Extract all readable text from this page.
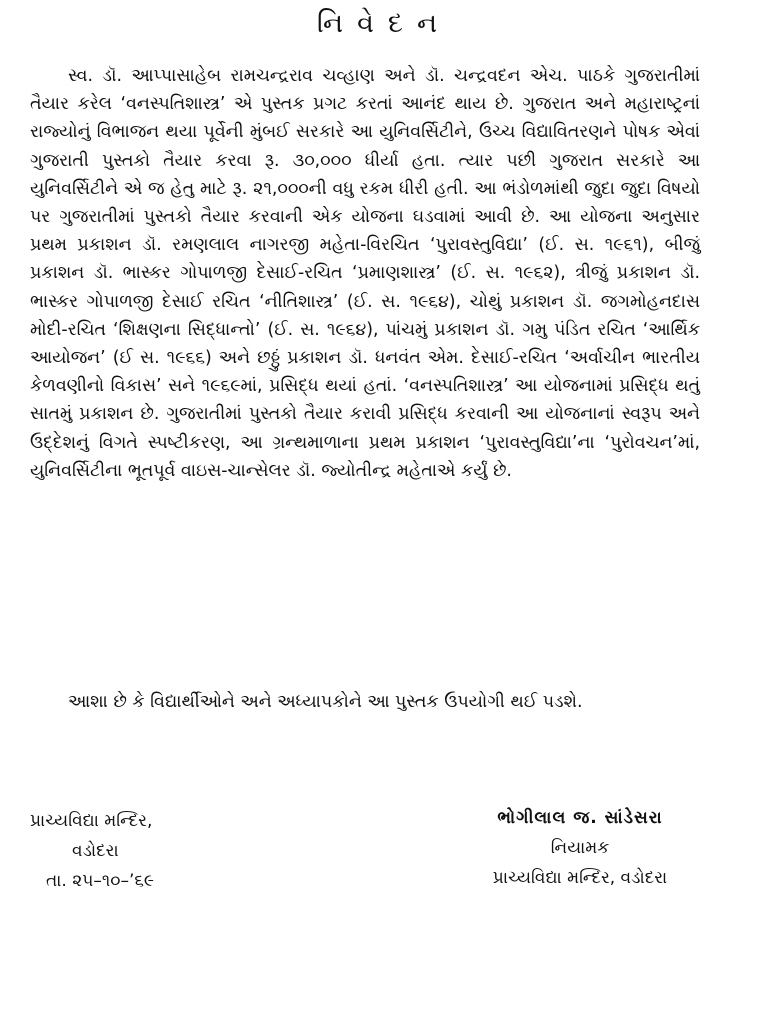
નિવેદન
સ્વ. ડૉ. આપ્પાસાહેબ રામચન્દ્રરાવ ચવ્હાણ અને ડૉ. ચન્દ્રવદન એચ. પાઠકે ગુજરાતીમાં તૈયાર કરેલ ‘વનસ્પતિશાસ્ત્ર’ એ પુસ્તક પ્રગટ કરતાં આનંદ થાય છે. ગુજરાત અને મહારાષ્ટ્રનાં રાજ્યોનું વિભાજન થયા પૂર્વેની મુંબઈ સરકારે આ યુનિવર્સિટીને, ઉચ્ચ વિદ્યાવિતરણને પોષક એવાં ગુજરાતી પુસ્તકો તૈયાર કરવા રૂ. ૩૦,૦૦૦ ધીર્યા હતા. ત્યાર પછી ગુજરાત સરકારે આ યુનિવર્સિટીને એ જ હેતુ માટે રૂ. ૨૧,૦૦૦ની વધુ રકમ ધીરી હતી. આ ભંડોળમાંથી જુદા જુદા વિષયો પર ગુજરાતીમાં પુસ્તકો તૈયાર કરવાની એક યોજના ઘડવામાં આવી છે. આ યોજના અનુસાર પ્રથમ પ્રકાશન ડૉ. રમણલાલ નાગરજી મહેતા-વિરચિત ‘પુરાવસ્તુવિદ્યા’ (ઈ. સ. ૧૯૬૧), બીજું પ્રકાશન ડૉ. ભાસ્કર ગોપાળજી દેસાઈ-રચિત ‘પ્રમાણશાસ્ત્ર’ (ઈ. સ. ૧૯૬૨), ત્રીજું પ્રકાશન ડૉ. ભાસ્કર ગોપાળજી દેસાઈ રચિત ‘નીતિશાસ્ત્ર’ (ઈ. સ. ૧૯૬૪), ચોથું પ્રકાશન ડૉ. જગમોહનદાસ મોદી-રચિત ‘શિક્ષણના સિદ્ધાન્તો’ (ઈ. સ. ૧૯૬૪), પાંચમું પ્રકાશન ડૉ. ગમુ પંડિત રચિત ‘આર્થિક આયોજન’ (ઈ સ. ૧૯૬૬) અને છઠ્ઠું પ્રકાશન ડૉ. ધનવંત એમ. દેસાઈ-રચિત ‘અર્વાચીન ભારતીય કેળવણીનો વિકાસ’ સને ૧૯૬૯માં, પ્રસિદ્ધ થયાં હતાં. ‘વનસ્પતિશાસ્ત્ર’ આ યોજનામાં પ્રસિદ્ધ થતું સાતમું પ્રકાશન છે. ગુજરાતીમાં પુસ્તકો તૈયાર કરાવી પ્રસિદ્ધ કરવાની આ યોજનાનાં સ્વરૂપ અને ઉદ્દેશનું વિગતે સ્પષ્ટીકરણ, આ ગ્રન્થમાળાના પ્રથમ પ્રકાશન ‘પુરાવસ્તુવિદ્યા’ના ‘પુરોવચન’માં, યુનિવર્સિટીના ભૂતપૂર્વ વાઇસ-ચાન્સેલર ડૉ. જ્યોતીન્દ્ર મહેતાએ કર્યું છે.
આશા છે કે વિદ્યાર્થીઓને અને અધ્યાપકોને આ પુસ્તક ઉપયોગી થઈ પડશે.
પ્રાચ્યવિદ્યા મન્દિર,
વડોદરા
તા. ૨૫–૧૦–’૬૯
ભોગીલાલ જ. સાંડેસરા
નિયામક
પ્રાચ્યવિદ્યા મન્દિર, વડોદરા
